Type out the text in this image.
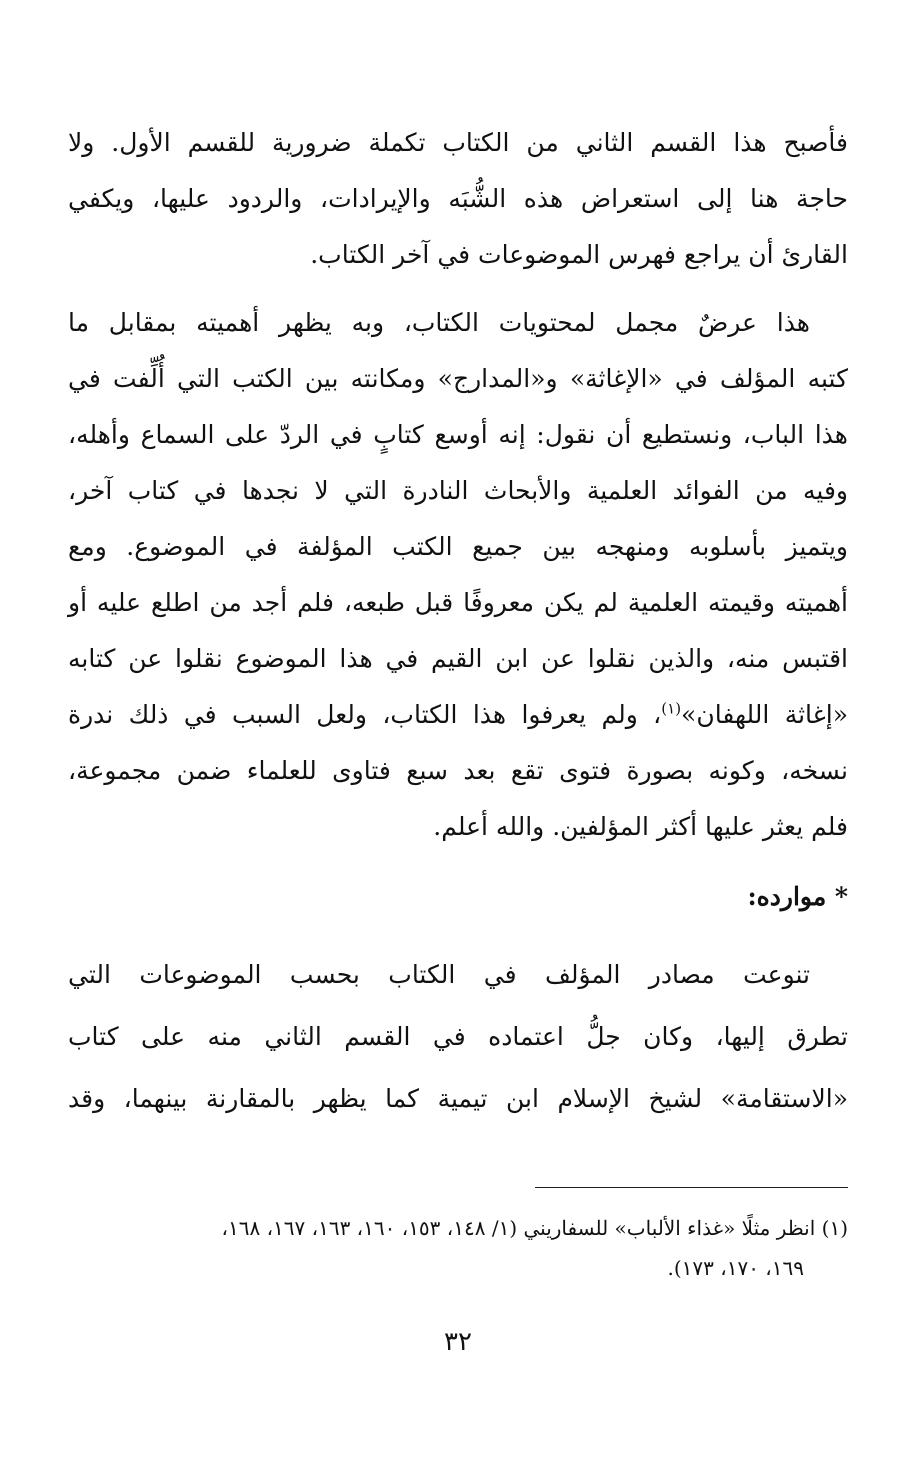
فأصبح هذا القسم الثاني من الكتاب تكملة ضرورية للقسم الأول. ولا
حاجة هنا إلى استعراض هذه الشُّبَه والإيرادات، والردود عليها، ويكفي
القارئ أن يراجع فهرس الموضوعات في آخر الكتاب.
هذا عرضٌ مجمل لمحتويات الكتاب، وبه يظهر أهميته بمقابل ما
كتبه المؤلف في «الإغاثة» و«المدارج» ومكانته بين الكتب التي أُلِّفت في
هذا الباب، ونستطيع أن نقول: إنه أوسع كتابٍ في الردّ على السماع وأهله،
وفيه من الفوائد العلمية والأبحاث النادرة التي لا نجدها في كتاب آخر،
ويتميز بأسلوبه ومنهجه بين جميع الكتب المؤلفة في الموضوع. ومع
أهميته وقيمته العلمية لم يكن معروفًا قبل طبعه، فلم أجد من اطلع عليه أو
اقتبس منه، والذين نقلوا عن ابن القيم في هذا الموضوع نقلوا عن كتابه
«إغاثة اللهفان»$^{(١)}$، ولم يعرفوا هذا الكتاب، ولعل السبب في ذلك ندرة
نسخه، وكونه بصورة فتوى تقع بعد سبع فتاوى للعلماء ضمن مجموعة،
فلم يعثر عليها أكثر المؤلفين. والله أعلم.
* موارده:
تنوعت مصادر المؤلف في الكتاب بحسب الموضوعات التي
تطرق إليها، وكان جلُّ اعتماده في القسم الثاني منه على كتاب
«الاستقامة» لشيخ الإسلام ابن تيمية كما يظهر بالمقارنة بينهما، وقد
(١) انظر مثلًا «غذاء الألباب» للسفاريني (١/ ١٤٨، ١٥٣، ١٦٠، ١٦٣، ١٦٧، ١٦٨،
١٦٩، ١٧٠، ١٧٣).
٣٢
